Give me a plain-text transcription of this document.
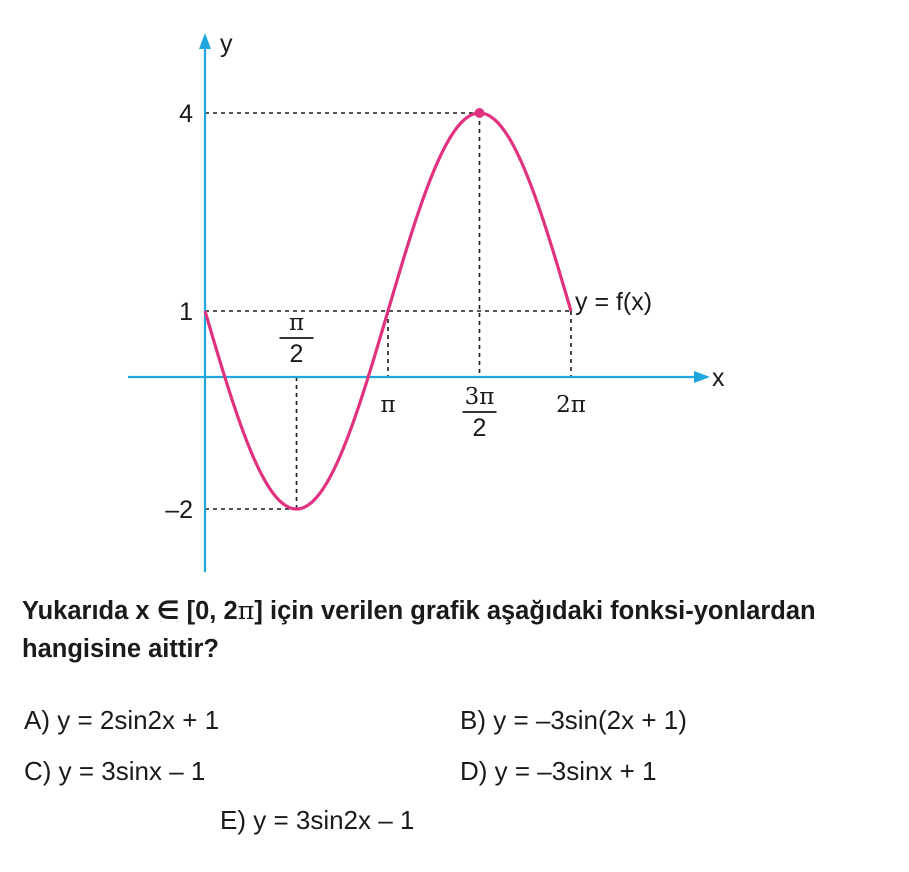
x
y
4
1
–2
π
2
π	3π
2
2π
y = f(x)
Yukarıda x ∈ [0, 2π] için verilen grafik aşağıdaki fonksi-yonlardan hangisine aittir?
A) y = 2sin2x + 1	B) y = –3sin(2x + 1)
C) y = 3sinx – 1	D) y = –3sinx + 1
E) y = 3sin2x – 1
